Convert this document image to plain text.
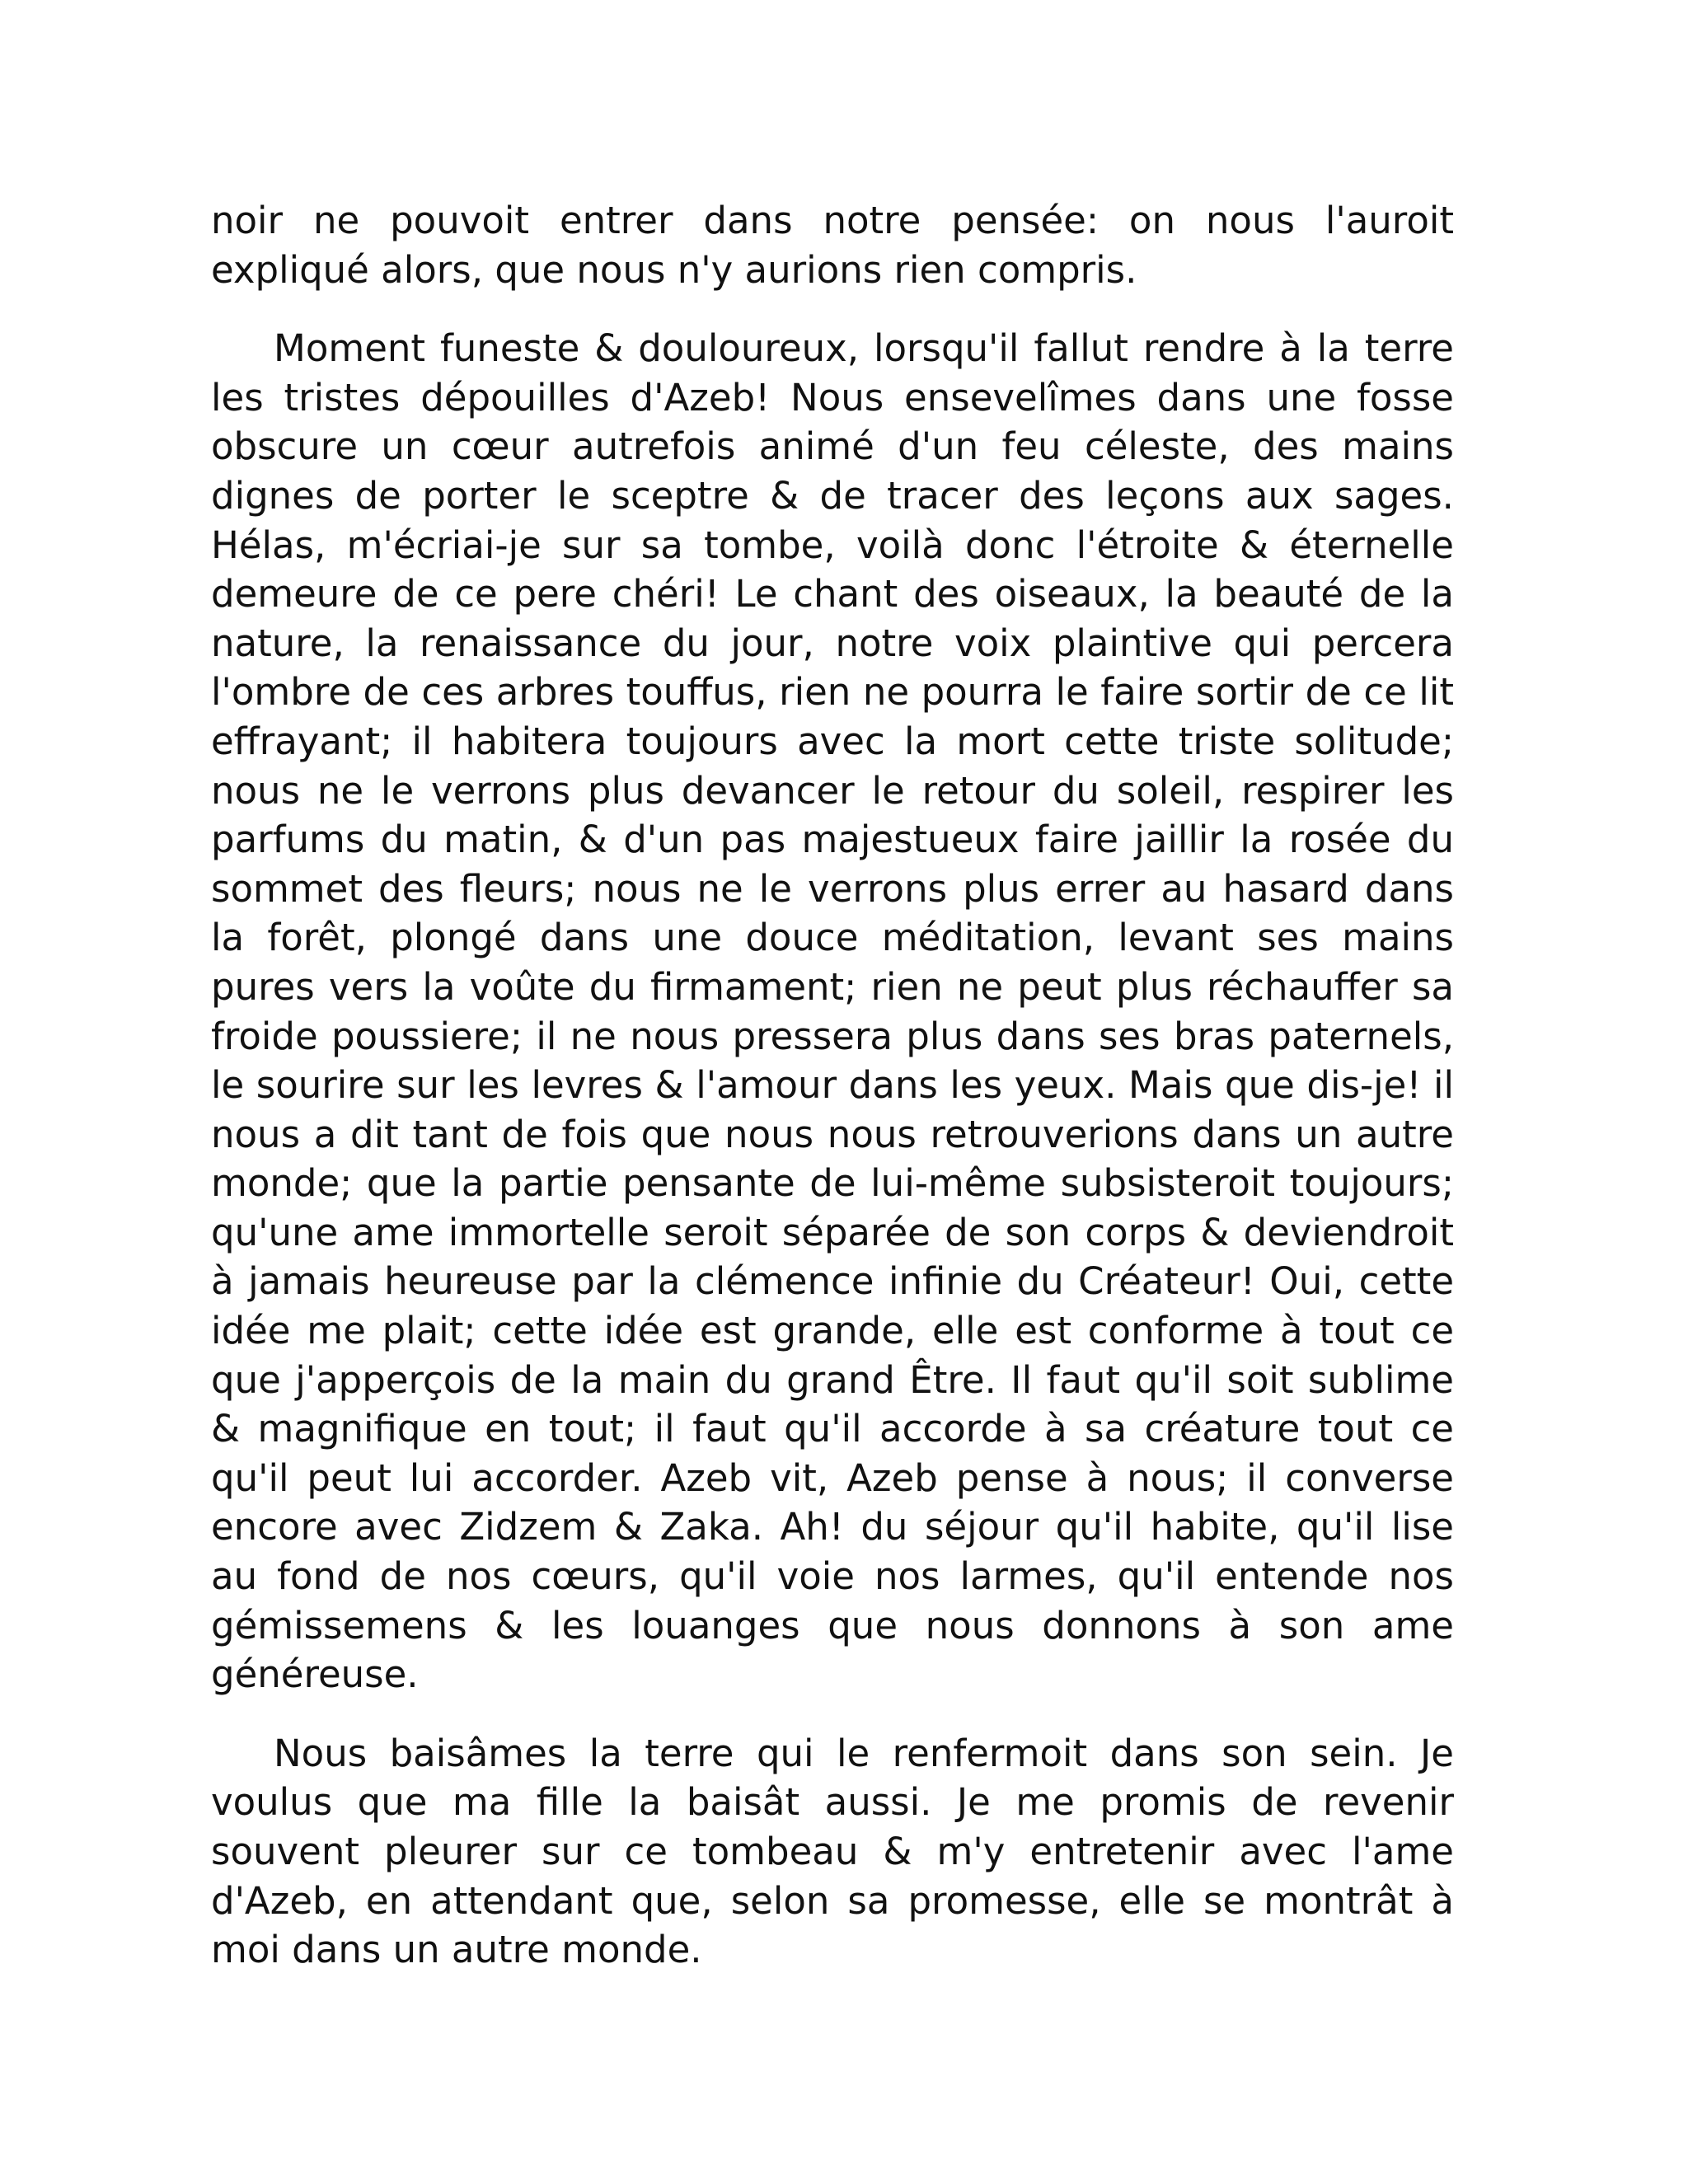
noir ne pouvoit entrer dans notre pensée: on nous l'auroit expliqué alors, que nous n'y aurions rien compris.

Moment funeste & douloureux, lorsqu'il fallut rendre à la terre les tristes dépouilles d'Azeb! Nous ensevelîmes dans une fosse obscure un cœur autrefois animé d'un feu céleste, des mains dignes de porter le sceptre & de tracer des leçons aux sages. Hélas, m'écriai-je sur sa tombe, voilà donc l'étroite & éternelle demeure de ce pere chéri! Le chant des oiseaux, la beauté de la nature, la renaissance du jour, notre voix plaintive qui percera l'ombre de ces arbres touffus, rien ne pourra le faire sortir de ce lit effrayant; il habitera toujours avec la mort cette triste solitude; nous ne le verrons plus devancer le retour du soleil, respirer les parfums du matin, & d'un pas majestueux faire jaillir la rosée du sommet des fleurs; nous ne le verrons plus errer au hasard dans la forêt, plongé dans une douce méditation, levant ses mains pures vers la voûte du firmament; rien ne peut plus réchauffer sa froide poussiere; il ne nous pressera plus dans ses bras paternels, le sourire sur les levres & l'amour dans les yeux. Mais que dis-je! il nous a dit tant de fois que nous nous retrouverions dans un autre monde; que la partie pensante de lui-même subsisteroit toujours; qu'une ame immortelle seroit séparée de son corps & deviendroit à jamais heureuse par la clémence infinie du Créateur! Oui, cette idée me plait; cette idée est grande, elle est conforme à tout ce que j'apperçois de la main du grand Être. Il faut qu'il soit sublime & magnifique en tout; il faut qu'il accorde à sa créature tout ce qu'il peut lui accorder. Azeb vit, Azeb pense à nous; il converse encore avec Zidzem & Zaka. Ah! du séjour qu'il habite, qu'il lise au fond de nos cœurs, qu'il voie nos larmes, qu'il entende nos gémissemens & les louanges que nous donnons à son ame généreuse.

Nous baisâmes la terre qui le renfermoit dans son sein. Je voulus que ma fille la baisât aussi. Je me promis de revenir souvent pleurer sur ce tombeau & m'y entretenir avec l'ame d'Azeb, en attendant que, selon sa promesse, elle se montrât à moi dans un autre monde.
